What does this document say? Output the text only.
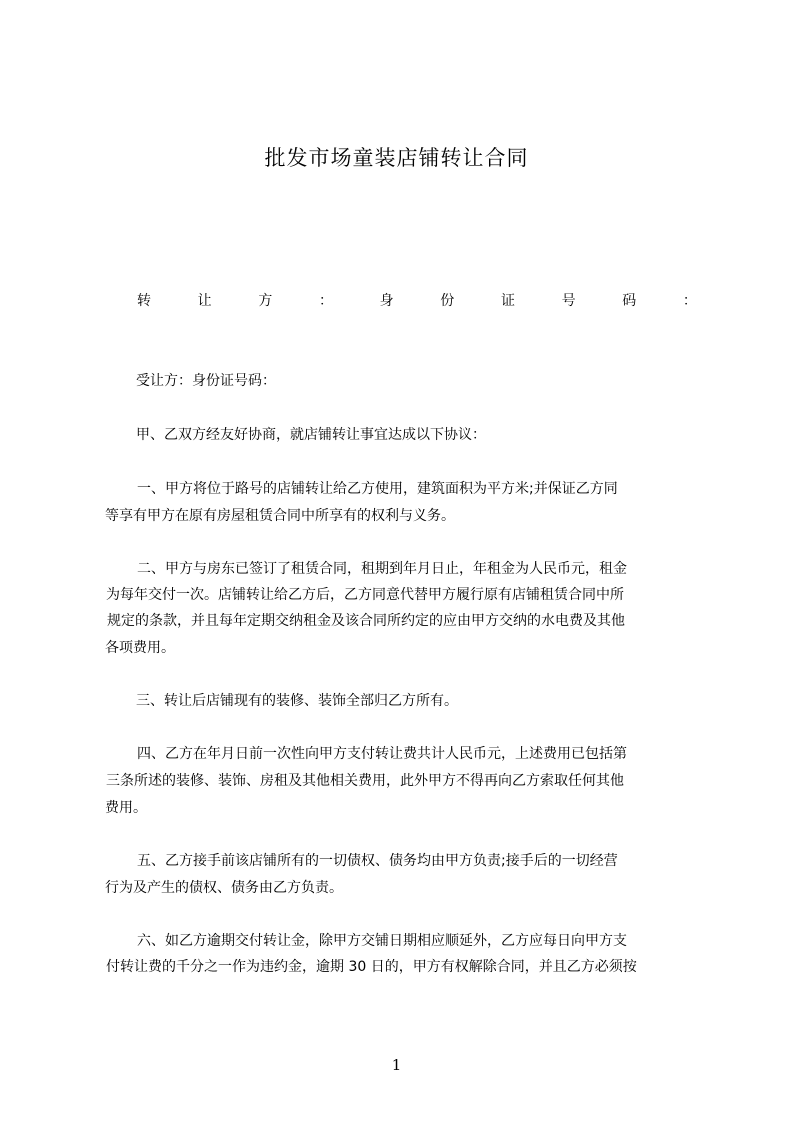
批发市场童装店铺转让合同
转	让	方	：	身	份	证	号	码	：
受让方：身份证号码：
甲、乙双方经友好协商，就店铺转让事宜达成以下协议：
一、甲方将位于路号的店铺转让给乙方使用，建筑面积为平方米;并保证乙方同
等享有甲方在原有房屋租赁合同中所享有的权利与义务。
二、甲方与房东已签订了租赁合同，租期到年月日止，年租金为人民币元，租金
为每年交付一次。店铺转让给乙方后，乙方同意代替甲方履行原有店铺租赁合同中所
规定的条款，并且每年定期交纳租金及该合同所约定的应由甲方交纳的水电费及其他
各项费用。
三、转让后店铺现有的装修、装饰全部归乙方所有。
四、乙方在年月日前一次性向甲方支付转让费共计人民币元，上述费用已包括第
三条所述的装修、装饰、房租及其他相关费用，此外甲方不得再向乙方索取任何其他
费用。
五、乙方接手前该店铺所有的一切债权、债务均由甲方负责;接手后的一切经营
行为及产生的债权、债务由乙方负责。
六、如乙方逾期交付转让金，除甲方交铺日期相应顺延外，乙方应每日向甲方支
付转让费的千分之一作为违约金，逾期 30 日的，甲方有权解除合同，并且乙方必须按
1
